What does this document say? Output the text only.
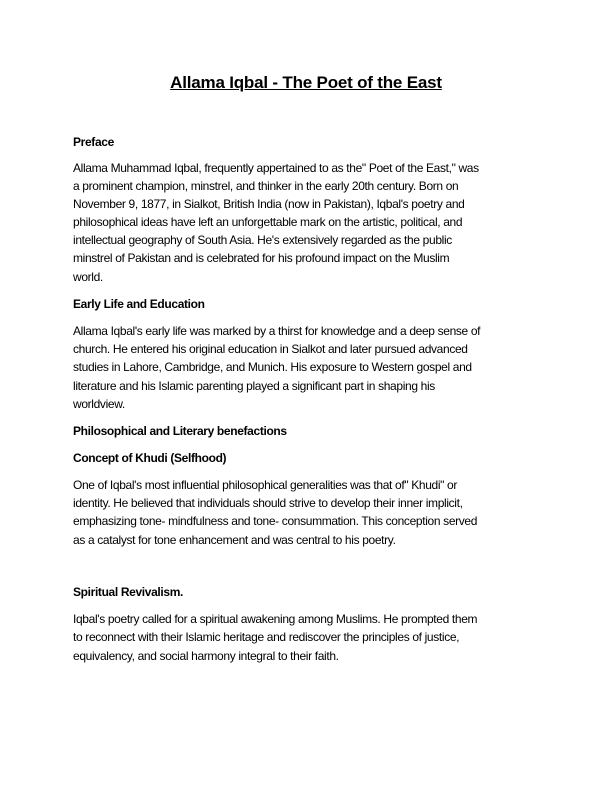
Allama Iqbal - The Poet of the East
Preface
Allama Muhammad Iqbal, frequently appertained to as the" Poet of the East," was
a prominent champion, minstrel, and thinker in the early 20th century. Born on
November 9, 1877, in Sialkot, British India (now in Pakistan), Iqbal's poetry and
philosophical ideas have left an unforgettable mark on the artistic, political, and
intellectual geography of South Asia. He's extensively regarded as the public
minstrel of Pakistan and is celebrated for his profound impact on the Muslim
world.
Early Life and Education
Allama Iqbal's early life was marked by a thirst for knowledge and a deep sense of
church. He entered his original education in Sialkot and later pursued advanced
studies in Lahore, Cambridge, and Munich. His exposure to Western gospel and
literature and his Islamic parenting played a significant part in shaping his
worldview.
Philosophical and Literary benefactions
Concept of Khudi (Selfhood)
One of Iqbal's most influential philosophical generalities was that of" Khudi" or
identity. He believed that individuals should strive to develop their inner implicit,
emphasizing tone- mindfulness and tone- consummation. This conception served
as a catalyst for tone enhancement and was central to his poetry.
Spiritual Revivalism.
Iqbal's poetry called for a spiritual awakening among Muslims. He prompted them
to reconnect with their Islamic heritage and rediscover the principles of justice,
equivalency, and social harmony integral to their faith.
